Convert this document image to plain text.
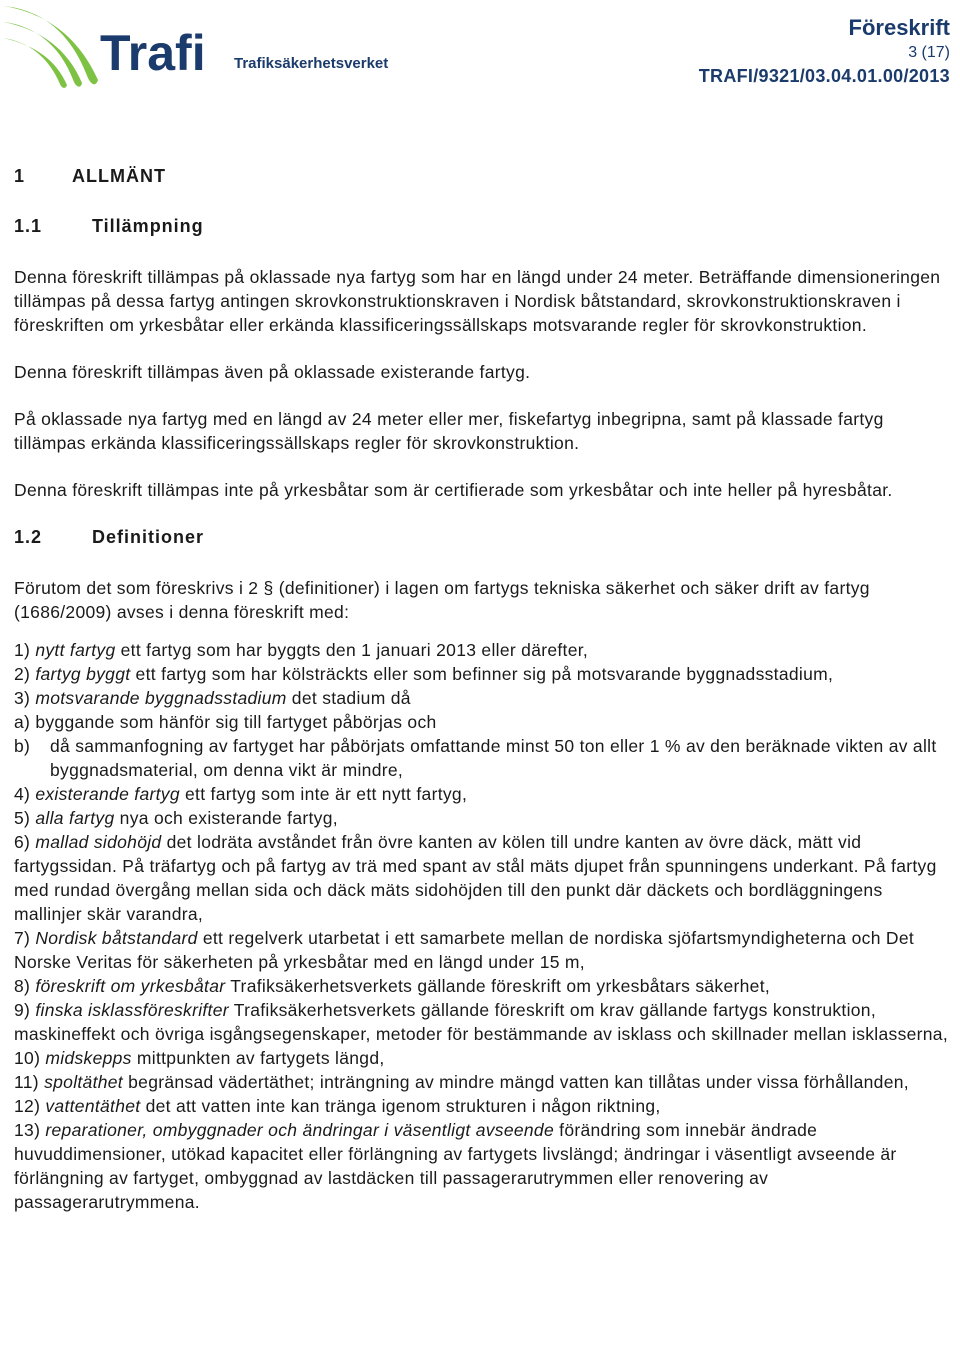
Trafi Trafiksäkerhetsverket
Föreskrift
3 (17)
TRAFI/9321/03.04.01.00/2013
1	ALLMÄNT
1.1	Tillämpning

Denna föreskrift tillämpas på oklassade nya fartyg som har en längd under 24 meter. Beträffande dimensioneringen tillämpas på dessa fartyg antingen skrovkonstruktionskraven i Nordisk båtstandard, skrovkonstruktionskraven i föreskriften om yrkesbåtar eller erkända klassificeringssällskaps motsvarande regler för skrovkonstruktion.

Denna föreskrift tillämpas även på oklassade existerande fartyg.

På oklassade nya fartyg med en längd av 24 meter eller mer, fiskefartyg inbegripna, samt på klassade fartyg tillämpas erkända klassificeringssällskaps regler för skrovkonstruktion.

Denna föreskrift tillämpas inte på yrkesbåtar som är certifierade som yrkesbåtar och inte heller på hyresbåtar.

1.2	Definitioner

Förutom det som föreskrivs i 2 § (definitioner) i lagen om fartygs tekniska säkerhet och säker drift av fartyg (1686/2009) avses i denna föreskrift med:

1) nytt fartyg ett fartyg som har byggts den 1 januari 2013 eller därefter,
2) fartyg byggt ett fartyg som har kölsträckts eller som befinner sig på motsvarande byggnadsstadium,
3) motsvarande byggnadsstadium det stadium då
a) byggande som hänför sig till fartyget påbörjas och
b) då sammanfogning av fartyget har påbörjats omfattande minst 50 ton eller 1 % av den beräknade vikten av allt byggnadsmaterial, om denna vikt är mindre,
4) existerande fartyg ett fartyg som inte är ett nytt fartyg,
5) alla fartyg nya och existerande fartyg,
6) mallad sidohöjd det lodräta avståndet från övre kanten av kölen till undre kanten av övre däck, mätt vid fartygssidan. På träfartyg och på fartyg av trä med spant av stål mäts djupet från spunningens underkant. På fartyg med rundad övergång mellan sida och däck mäts sidohöjden till den punkt där däckets och bordläggningens mallinjer skär varandra,
7) Nordisk båtstandard ett regelverk utarbetat i ett samarbete mellan de nordiska sjöfartsmyndigheterna och Det Norske Veritas för säkerheten på yrkesbåtar med en längd under 15 m,
8) föreskrift om yrkesbåtar Trafiksäkerhetsverkets gällande föreskrift om yrkesbåtars säkerhet,
9) finska isklassföreskrifter Trafiksäkerhetsverkets gällande föreskrift om krav gällande fartygs konstruktion, maskineffekt och övriga isgångsegenskaper, metoder för bestämmande av isklass och skillnader mellan isklasserna,
10) midskepps mittpunkten av fartygets längd,
11) spoltäthet begränsad vädertäthet; inträngning av mindre mängd vatten kan tillåtas under vissa förhållanden,
12) vattentäthet det att vatten inte kan tränga igenom strukturen i någon riktning,
13) reparationer, ombyggnader och ändringar i väsentligt avseende förändring som innebär ändrade huvuddimensioner, utökad kapacitet eller förlängning av fartygets livslängd; ändringar i väsentligt avseende är förlängning av fartyget, ombyggnad av lastdäcken till passagerarutrymmen eller renovering av passagerarutrymmena.
